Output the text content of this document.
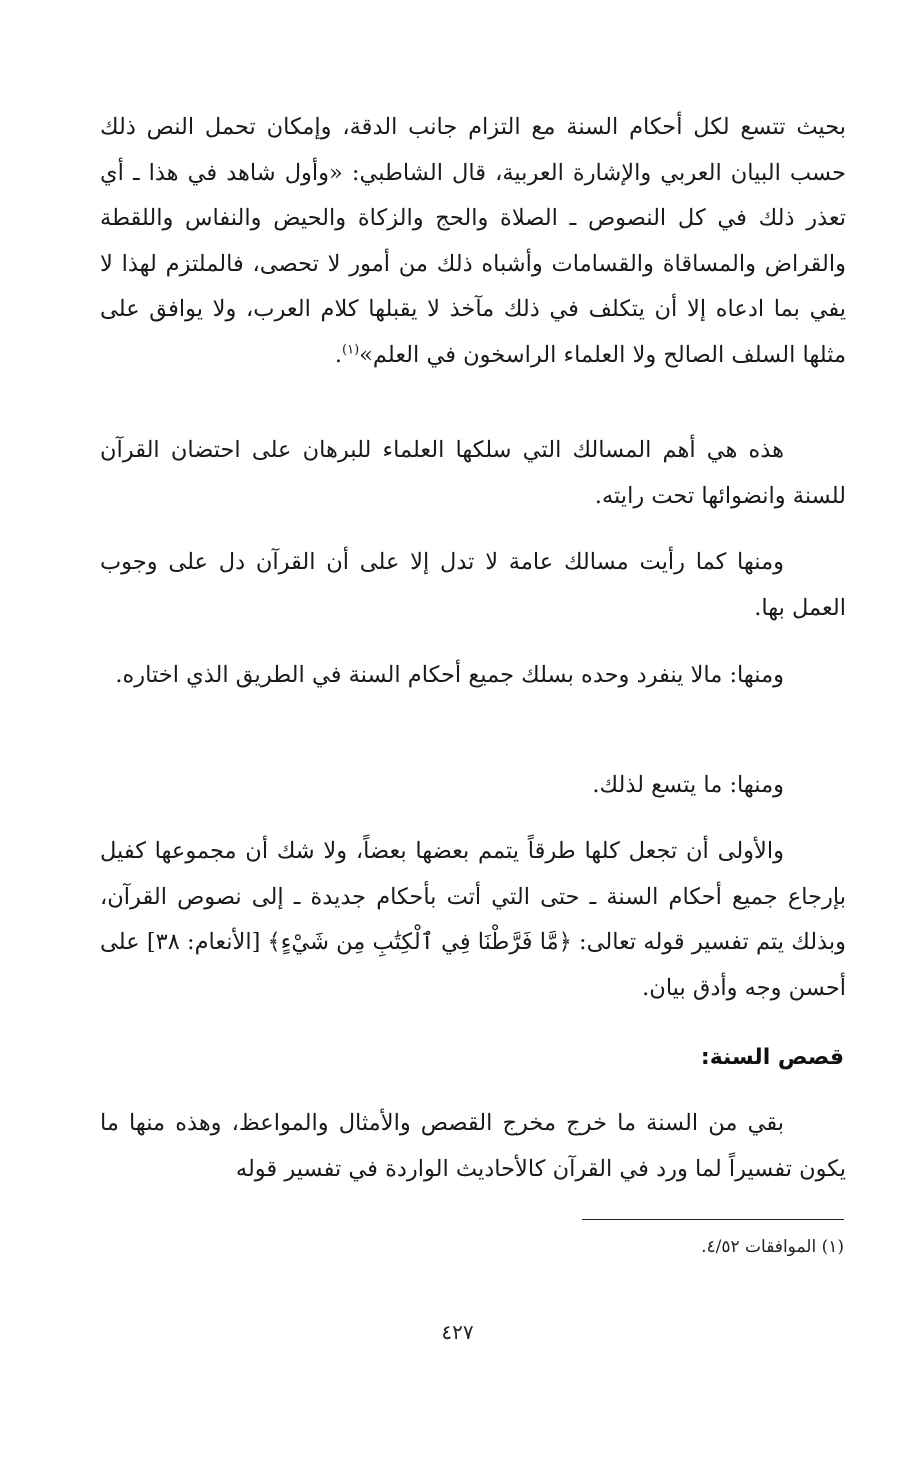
بحيث تتسع لكل أحكام السنة مع التزام جانب الدقة، وإمكان تحمل النص ذلك حسب البيان العربي والإشارة العربية، قال الشاطبي: «وأول شاهد في هذا ـ أي تعذر ذلك في كل النصوص ـ الصلاة والحج والزكاة والحيض والنفاس واللقطة والقراض والمساقاة والقسامات وأشباه ذلك من أمور لا تحصى، فالملتزم لهذا لا يفي بما ادعاه إلا أن يتكلف في ذلك مآخذ لا يقبلها كلام العرب، ولا يوافق على مثلها السلف الصالح ولا العلماء الراسخون في العلم»$^{(١)}$.

هذه هي أهم المسالك التي سلكها العلماء للبرهان على احتضان القرآن للسنة وانضوائها تحت رايته.

ومنها كما رأيت مسالك عامة لا تدل إلا على أن القرآن دل على وجوب العمل بها.

ومنها: مالا ينفرد وحده بسلك جميع أحكام السنة في الطريق الذي اختاره.

ومنها: ما يتسع لذلك.

والأولى أن تجعل كلها طرقاً يتمم بعضها بعضاً، ولا شك أن مجموعها كفيل بإرجاع جميع أحكام السنة ـ حتى التي أتت بأحكام جديدة ـ إلى نصوص القرآن، وبذلك يتم تفسير قوله تعالى: ﴿مَّا فَرَّطْنَا فِي ٱلْكِتَٰبِ مِن شَيْءٍ﴾ [الأنعام: ٣٨] على أحسن وجه وأدق بيان.

قصص السنة:

بقي من السنة ما خرج مخرج القصص والأمثال والمواعظ، وهذه منها ما يكون تفسيراً لما ورد في القرآن كالأحاديث الواردة في تفسير قوله

(١) الموافقات ٤/٥٢.
٤٢٧
